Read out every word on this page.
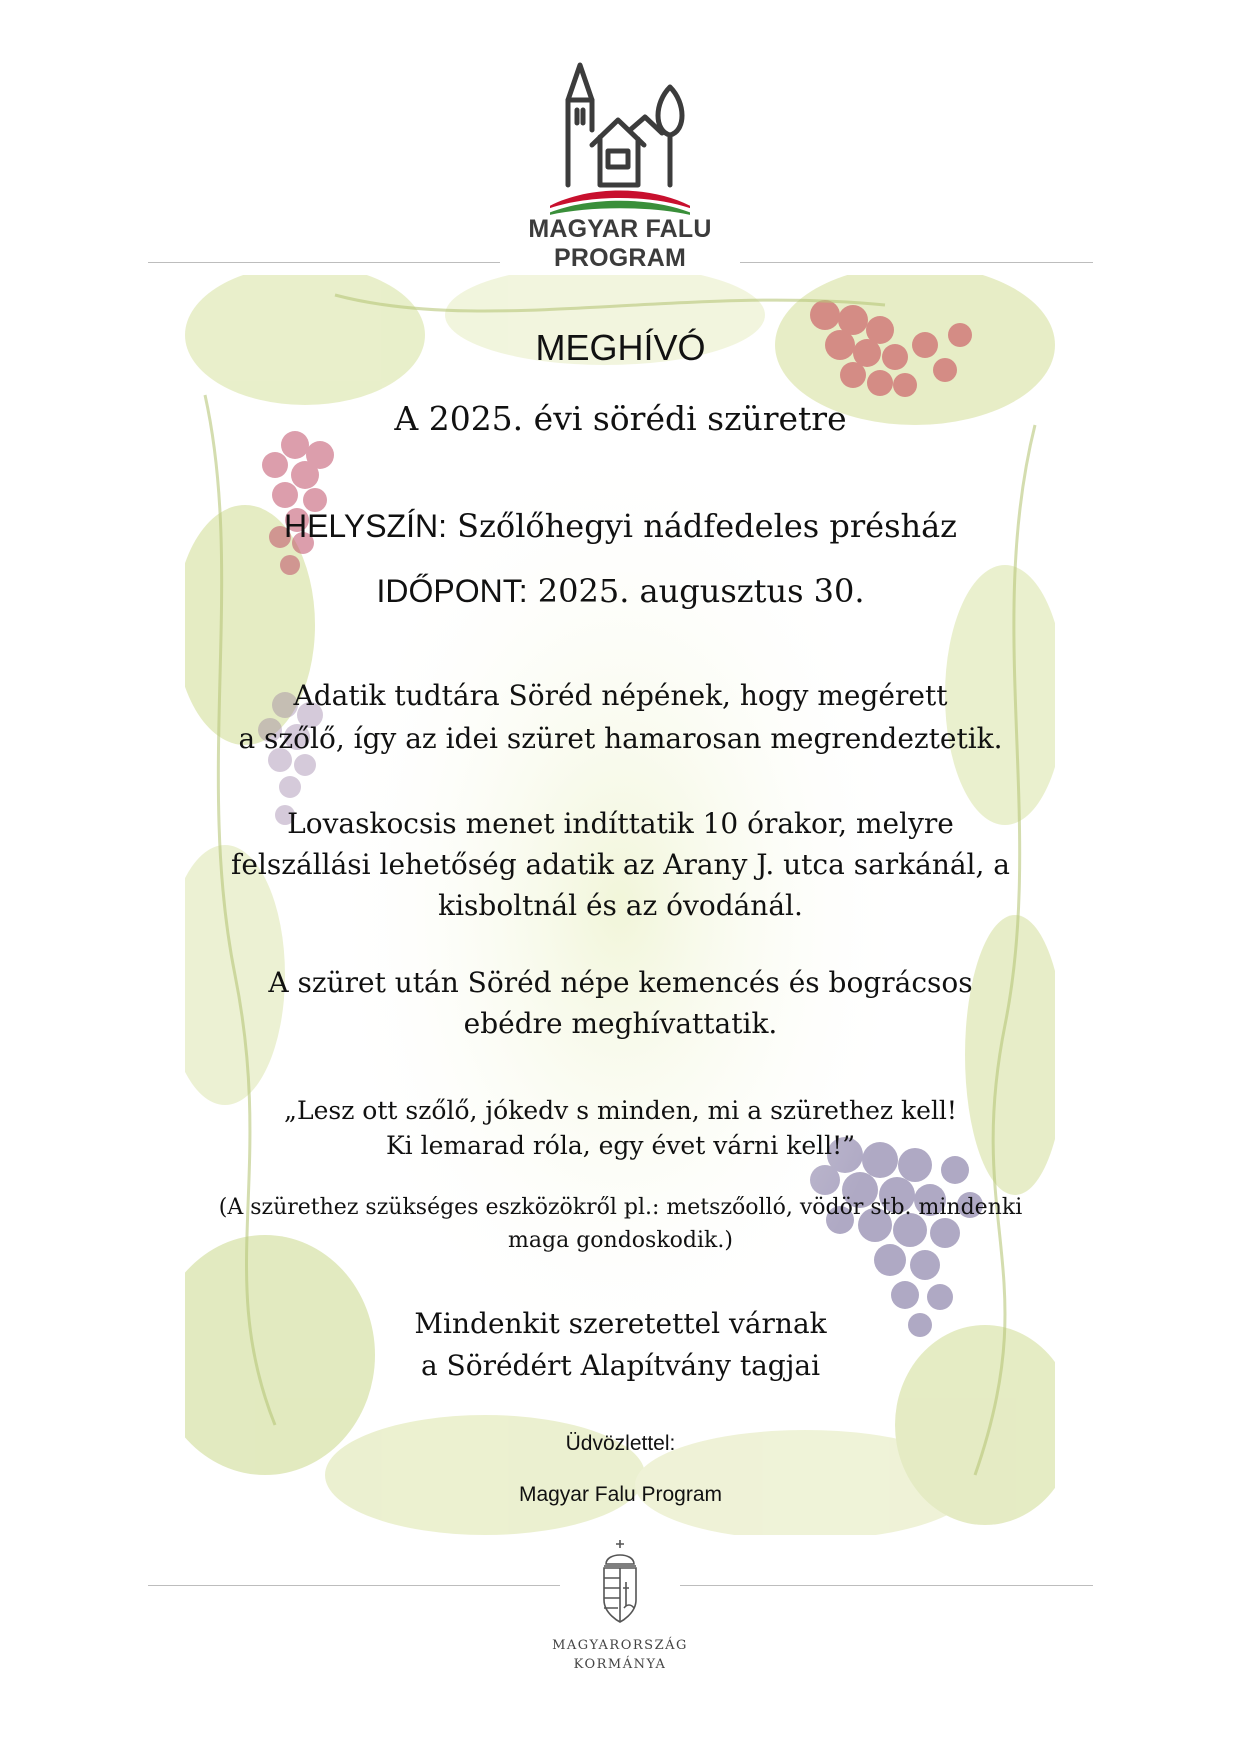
MAGYAR FALU
PROGRAM
MEGHÍVÓ
A 2025. évi sörédi szüretre
HELYSZÍN: Szőlőhegyi nádfedeles présház
IDŐPONT: 2025. augusztus 30.
Adatik tudtára Söréd népének, hogy megérett
a szőlő, így az idei szüret hamarosan megrendeztetik.
Lovaskocsis menet indíttatik 10 órakor, melyre
felszállási lehetőség adatik az Arany J. utca sarkánál, a
kisboltnál és az óvodánál.
A szüret után Söréd népe kemencés és bográcsos
ebédre meghívattatik.
„Lesz ott szőlő, jókedv s minden, mi a szürethez kell!
Ki lemarad róla, egy évet várni kell!”
(A szürethez szükséges eszközökről pl.: metszőolló, vödör stb. mindenki
maga gondoskodik.)
Mindenkit szeretettel várnak
a Sörédért Alapítvány tagjai
Üdvözlettel:
Magyar Falu Program
MAGYARORSZÁG
KORMÁNYA
